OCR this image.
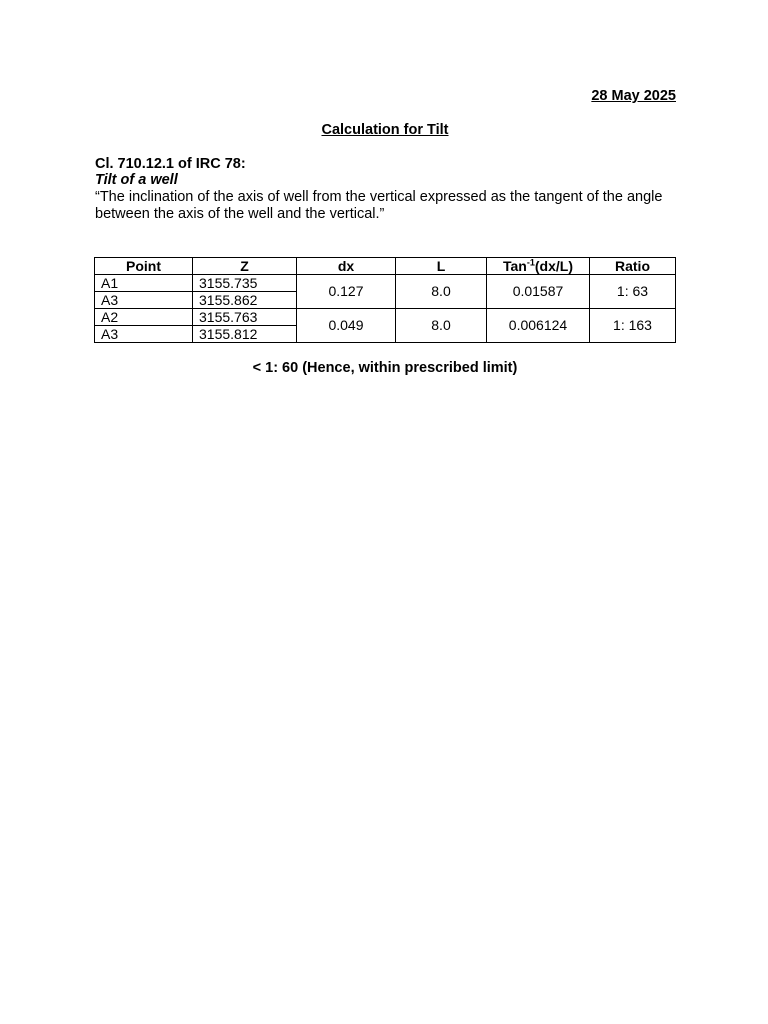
28 May 2025
Calculation for Tilt
Cl. 710.12.1 of IRC 78:
Tilt of a well
“The inclination of the axis of well from the vertical expressed as the tangent of the angle between the axis of the well and the vertical.”
Point	Z	dx	L	Tan$^{-1}$(dx/L)	Ratio
A1	3155.735	0.127	8.0	0.01587	1: 63
A3	3155.862				
A2	3155.763	0.049	8.0	0.006124	1: 163
A3	3155.812				
< 1: 60 (Hence, within prescribed limit)
